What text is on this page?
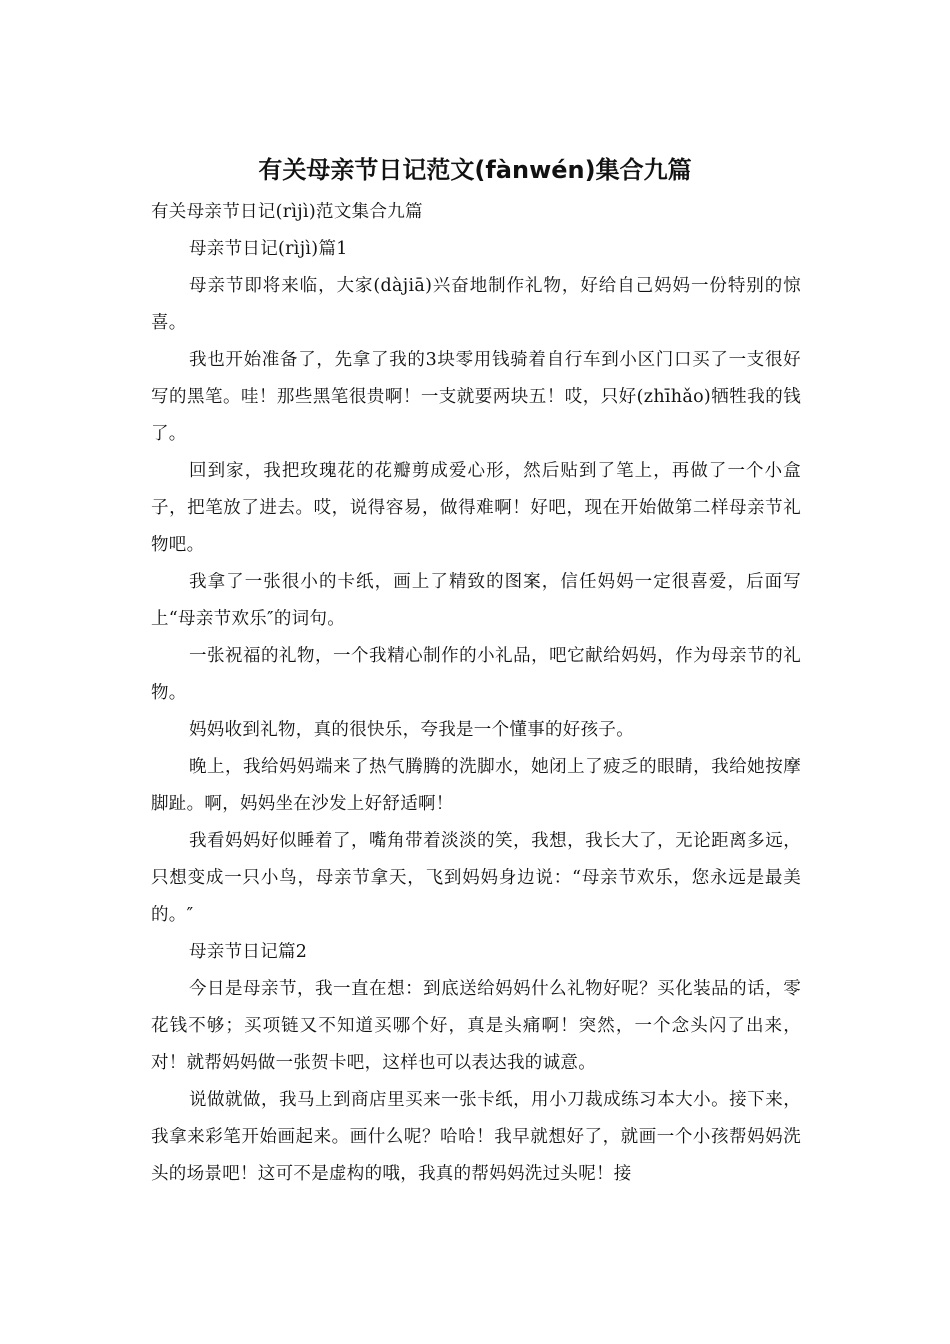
有关母亲节日记范文(fànwén)集合九篇

有关母亲节日记(rìjì)范文集合九篇

母亲节日记(rìjì)篇1

母亲节即将来临，大家(dàjiā)兴奋地制作礼物，好给自己妈妈一份特别的惊喜。

我也开始准备了，先拿了我的3块零用钱骑着自行车到小区门口买了一支很好写的黑笔。哇！那些黑笔很贵啊！一支就要两块五！哎，只好(zhīhǎo)牺牲我的钱了。

回到家，我把玫瑰花的花瓣剪成爱心形，然后贴到了笔上，再做了一个小盒子，把笔放了进去。哎，说得容易，做得难啊！好吧，现在开始做第二样母亲节礼物吧。

我拿了一张很小的卡纸，画上了精致的图案，信任妈妈一定很喜爱，后面写上“母亲节欢乐″的词句。

一张祝福的礼物，一个我精心制作的小礼品，吧它献给妈妈，作为母亲节的礼物。

妈妈收到礼物，真的很快乐，夸我是一个懂事的好孩子。

晚上，我给妈妈端来了热气腾腾的洗脚水，她闭上了疲乏的眼睛，我给她按摩脚趾。啊，妈妈坐在沙发上好舒适啊！

我看妈妈好似睡着了，嘴角带着淡淡的笑，我想，我长大了，无论距离多远，只想变成一只小鸟，母亲节拿天，飞到妈妈身边说：“母亲节欢乐，您永远是最美的。″

母亲节日记篇2

今日是母亲节，我一直在想：到底送给妈妈什么礼物好呢？买化装品的话，零花钱不够；买项链又不知道买哪个好，真是头痛啊！突然，一个念头闪了出来，对！就帮妈妈做一张贺卡吧，这样也可以表达我的诚意。

说做就做，我马上到商店里买来一张卡纸，用小刀裁成练习本大小。接下来，我拿来彩笔开始画起来。画什么呢？哈哈！我早就想好了，就画一个小孩帮妈妈洗头的场景吧！这可不是虚构的哦，我真的帮妈妈洗过头呢！接
